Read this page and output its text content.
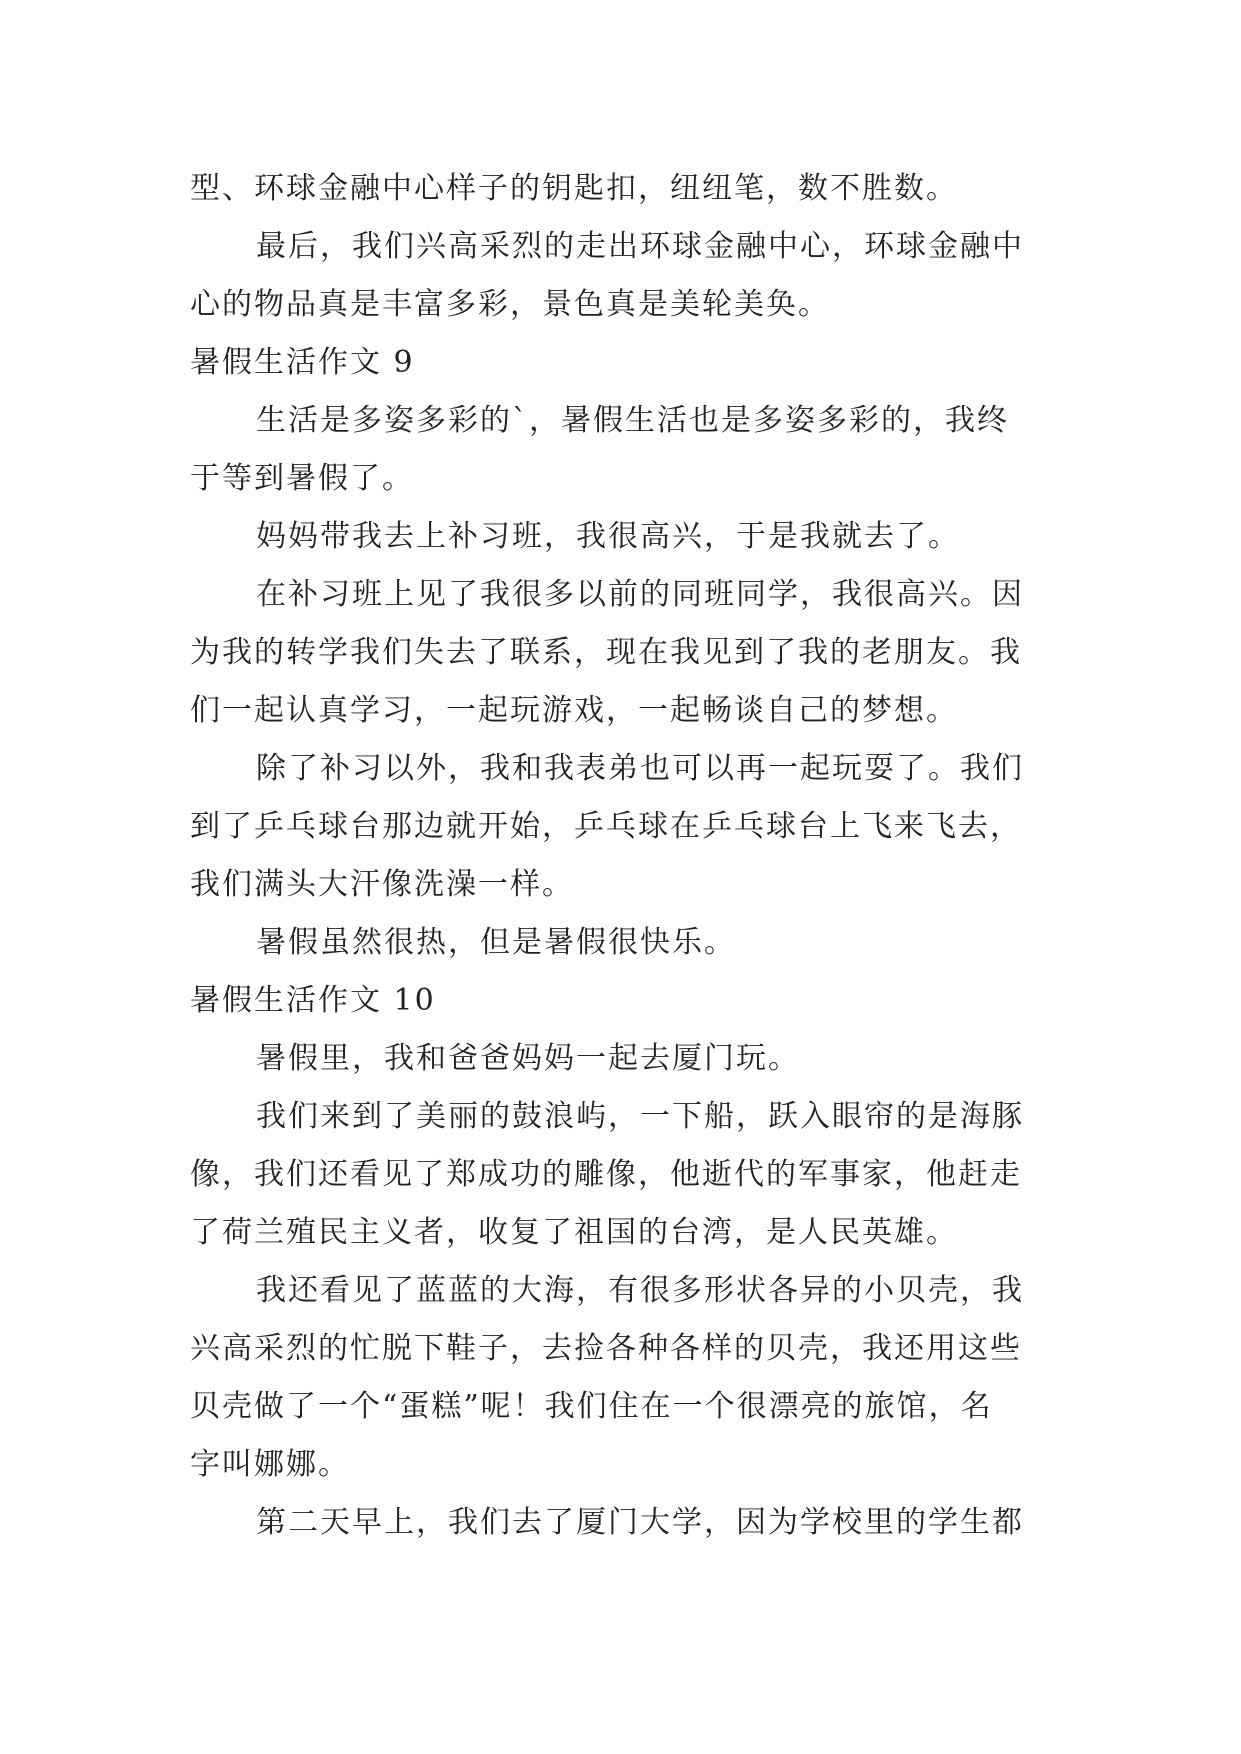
型、环球金融中心样子的钥匙扣，纽纽笔，数不胜数。
最后，我们兴高采烈的走出环球金融中心，环球金融中
心的物品真是丰富多彩，景色真是美轮美奂。
暑假生活作文 9
生活是多姿多彩的`，暑假生活也是多姿多彩的，我终
于等到暑假了。
妈妈带我去上补习班，我很高兴，于是我就去了。
在补习班上见了我很多以前的同班同学，我很高兴。因
为我的转学我们失去了联系，现在我见到了我的老朋友。我
们一起认真学习，一起玩游戏，一起畅谈自己的梦想。
除了补习以外，我和我表弟也可以再一起玩耍了。我们
到了乒乓球台那边就开始，乒乓球在乒乓球台上飞来飞去，
我们满头大汗像洗澡一样。
暑假虽然很热，但是暑假很快乐。
暑假生活作文 10
暑假里，我和爸爸妈妈一起去厦门玩。
我们来到了美丽的鼓浪屿，一下船，跃入眼帘的是海豚
像，我们还看见了郑成功的雕像，他逝代的军事家，他赶走
了荷兰殖民主义者，收复了祖国的台湾，是人民英雄。
我还看见了蓝蓝的大海，有很多形状各异的小贝壳，我
兴高采烈的忙脱下鞋子，去捡各种各样的贝壳，我还用这些
贝壳做了一个“蛋糕”呢！我们住在一个很漂亮的旅馆，名
字叫娜娜。
第二天早上，我们去了厦门大学，因为学校里的学生都
